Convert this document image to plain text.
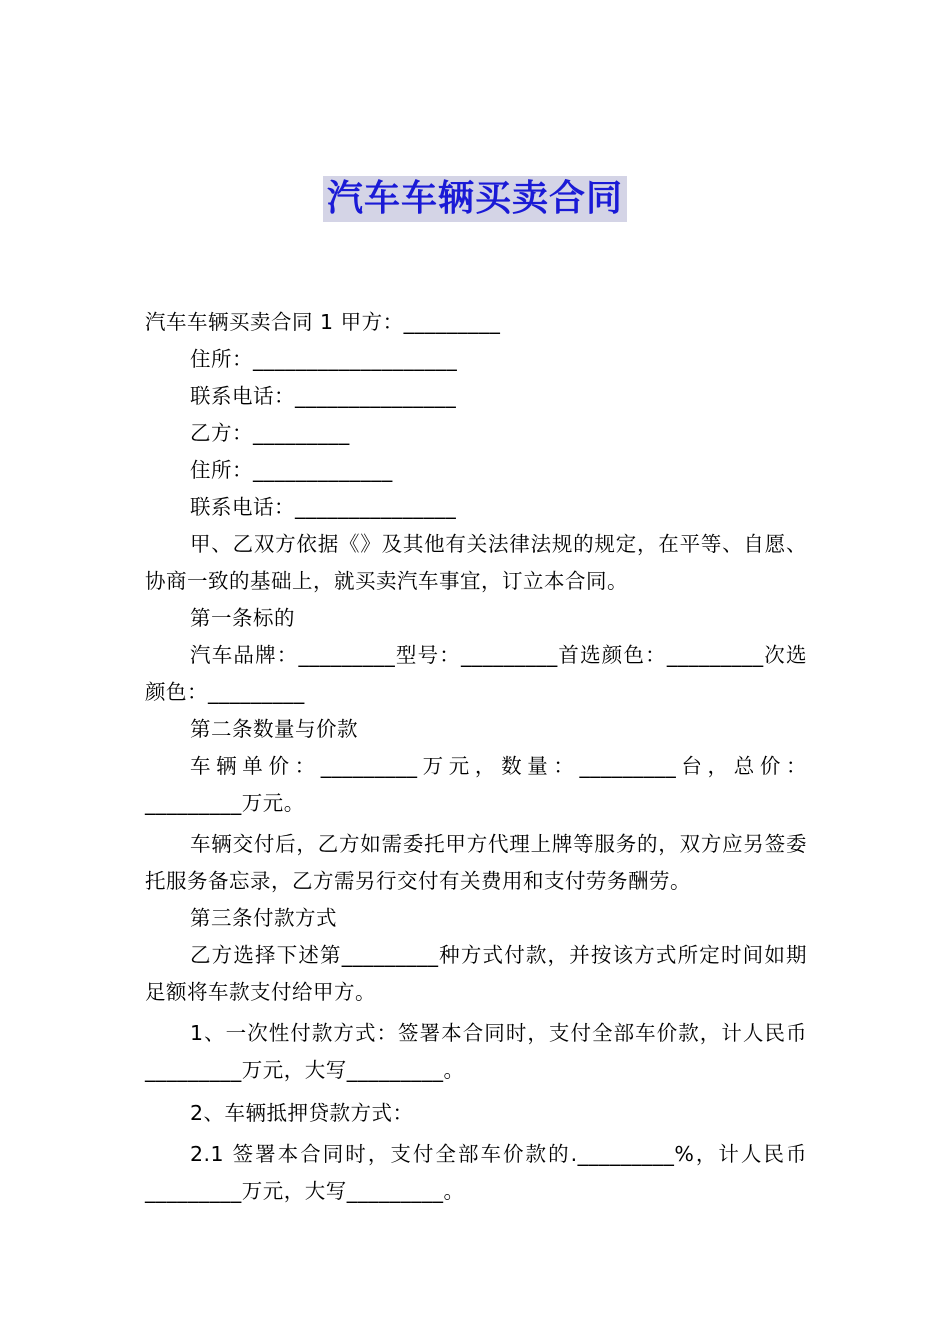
汽车车辆买卖合同
汽车车辆买卖合同 1 甲方：_________
住所：___________________
联系电话：_______________
乙方：_________
住所：_____________
联系电话：_______________

甲、乙双方依据《》及其他有关法律法规的规定，在平等、自愿、协商一致的基础上，就买卖汽车事宜，订立本合同。

第一条标的

汽车品牌：_________型号：_________首选颜色：_________次选颜色：_________

第二条数量与价款

车辆单价：_________万元，数量：_________台，总价：_________万元。

车辆交付后，乙方如需委托甲方代理上牌等服务的，双方应另签委托服务备忘录，乙方需另行交付有关费用和支付劳务酬劳。

第三条付款方式

乙方选择下述第_________种方式付款，并按该方式所定时间如期足额将车款支付给甲方。

1、一次性付款方式：签署本合同时，支付全部车价款，计人民币_________万元，大写_________。

2、车辆抵押贷款方式：

2.1 签署本合同时，支付全部车价款的._________%，计人民币_________万元，大写_________。
